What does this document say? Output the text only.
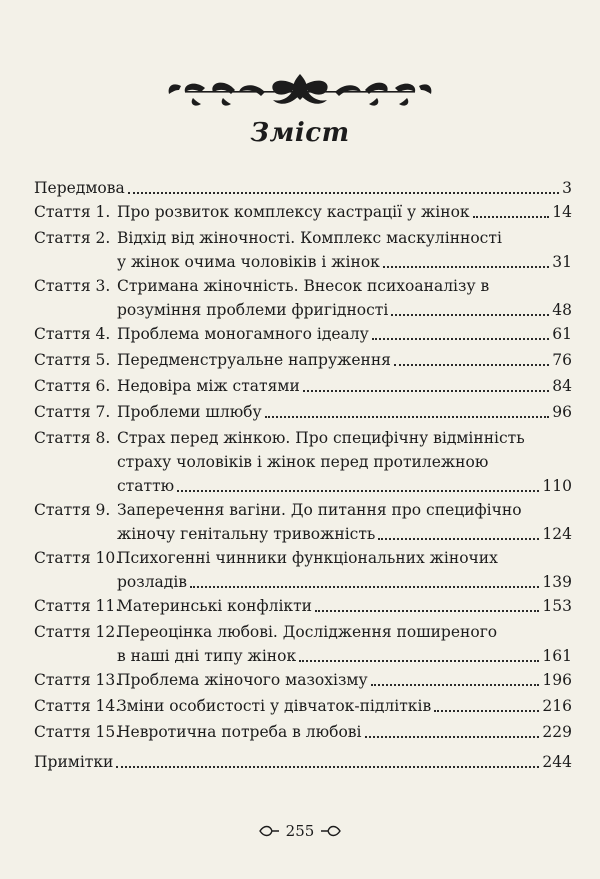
Зміст
Передмова	3
Стаття 1. Про розвиток комплексу кастрації у жінок	14
Стаття 2. Відхід від жіночності. Комплекс маскулінності
у жінок очима чоловіків і жінок	31
Стаття 3. Стримана жіночність. Внесок психоаналізу в
розуміння проблеми фригідності	48
Стаття 4. Проблема моногамного ідеалу	61
Стаття 5. Передменструальне напруження	76
Стаття 6. Недовіра між статями	84
Стаття 7. Проблеми шлюбу	96
Стаття 8. Страх перед жінкою. Про специфічну відмінність
страху чоловіків і жінок перед протилежною
статтю	110
Стаття 9. Заперечення вагіни. До питання про специфічно
жіночу генітальну тривожність	124
Стаття 10.
Психогенні чинники функціональних жіночих
розладів	139
Стаття 11.
Материнські конфлікти	153
Стаття 12.
Переоцінка любові. Дослідження поширеного
в наші дні типу жінок	161
Стаття 13.
Проблема жіночого мазохізму	196
Стаття 14.
Зміни особистості у дівчаток-підлітків	216
Стаття 15.
Невротична потреба в любові	229
Примітки	244
255
